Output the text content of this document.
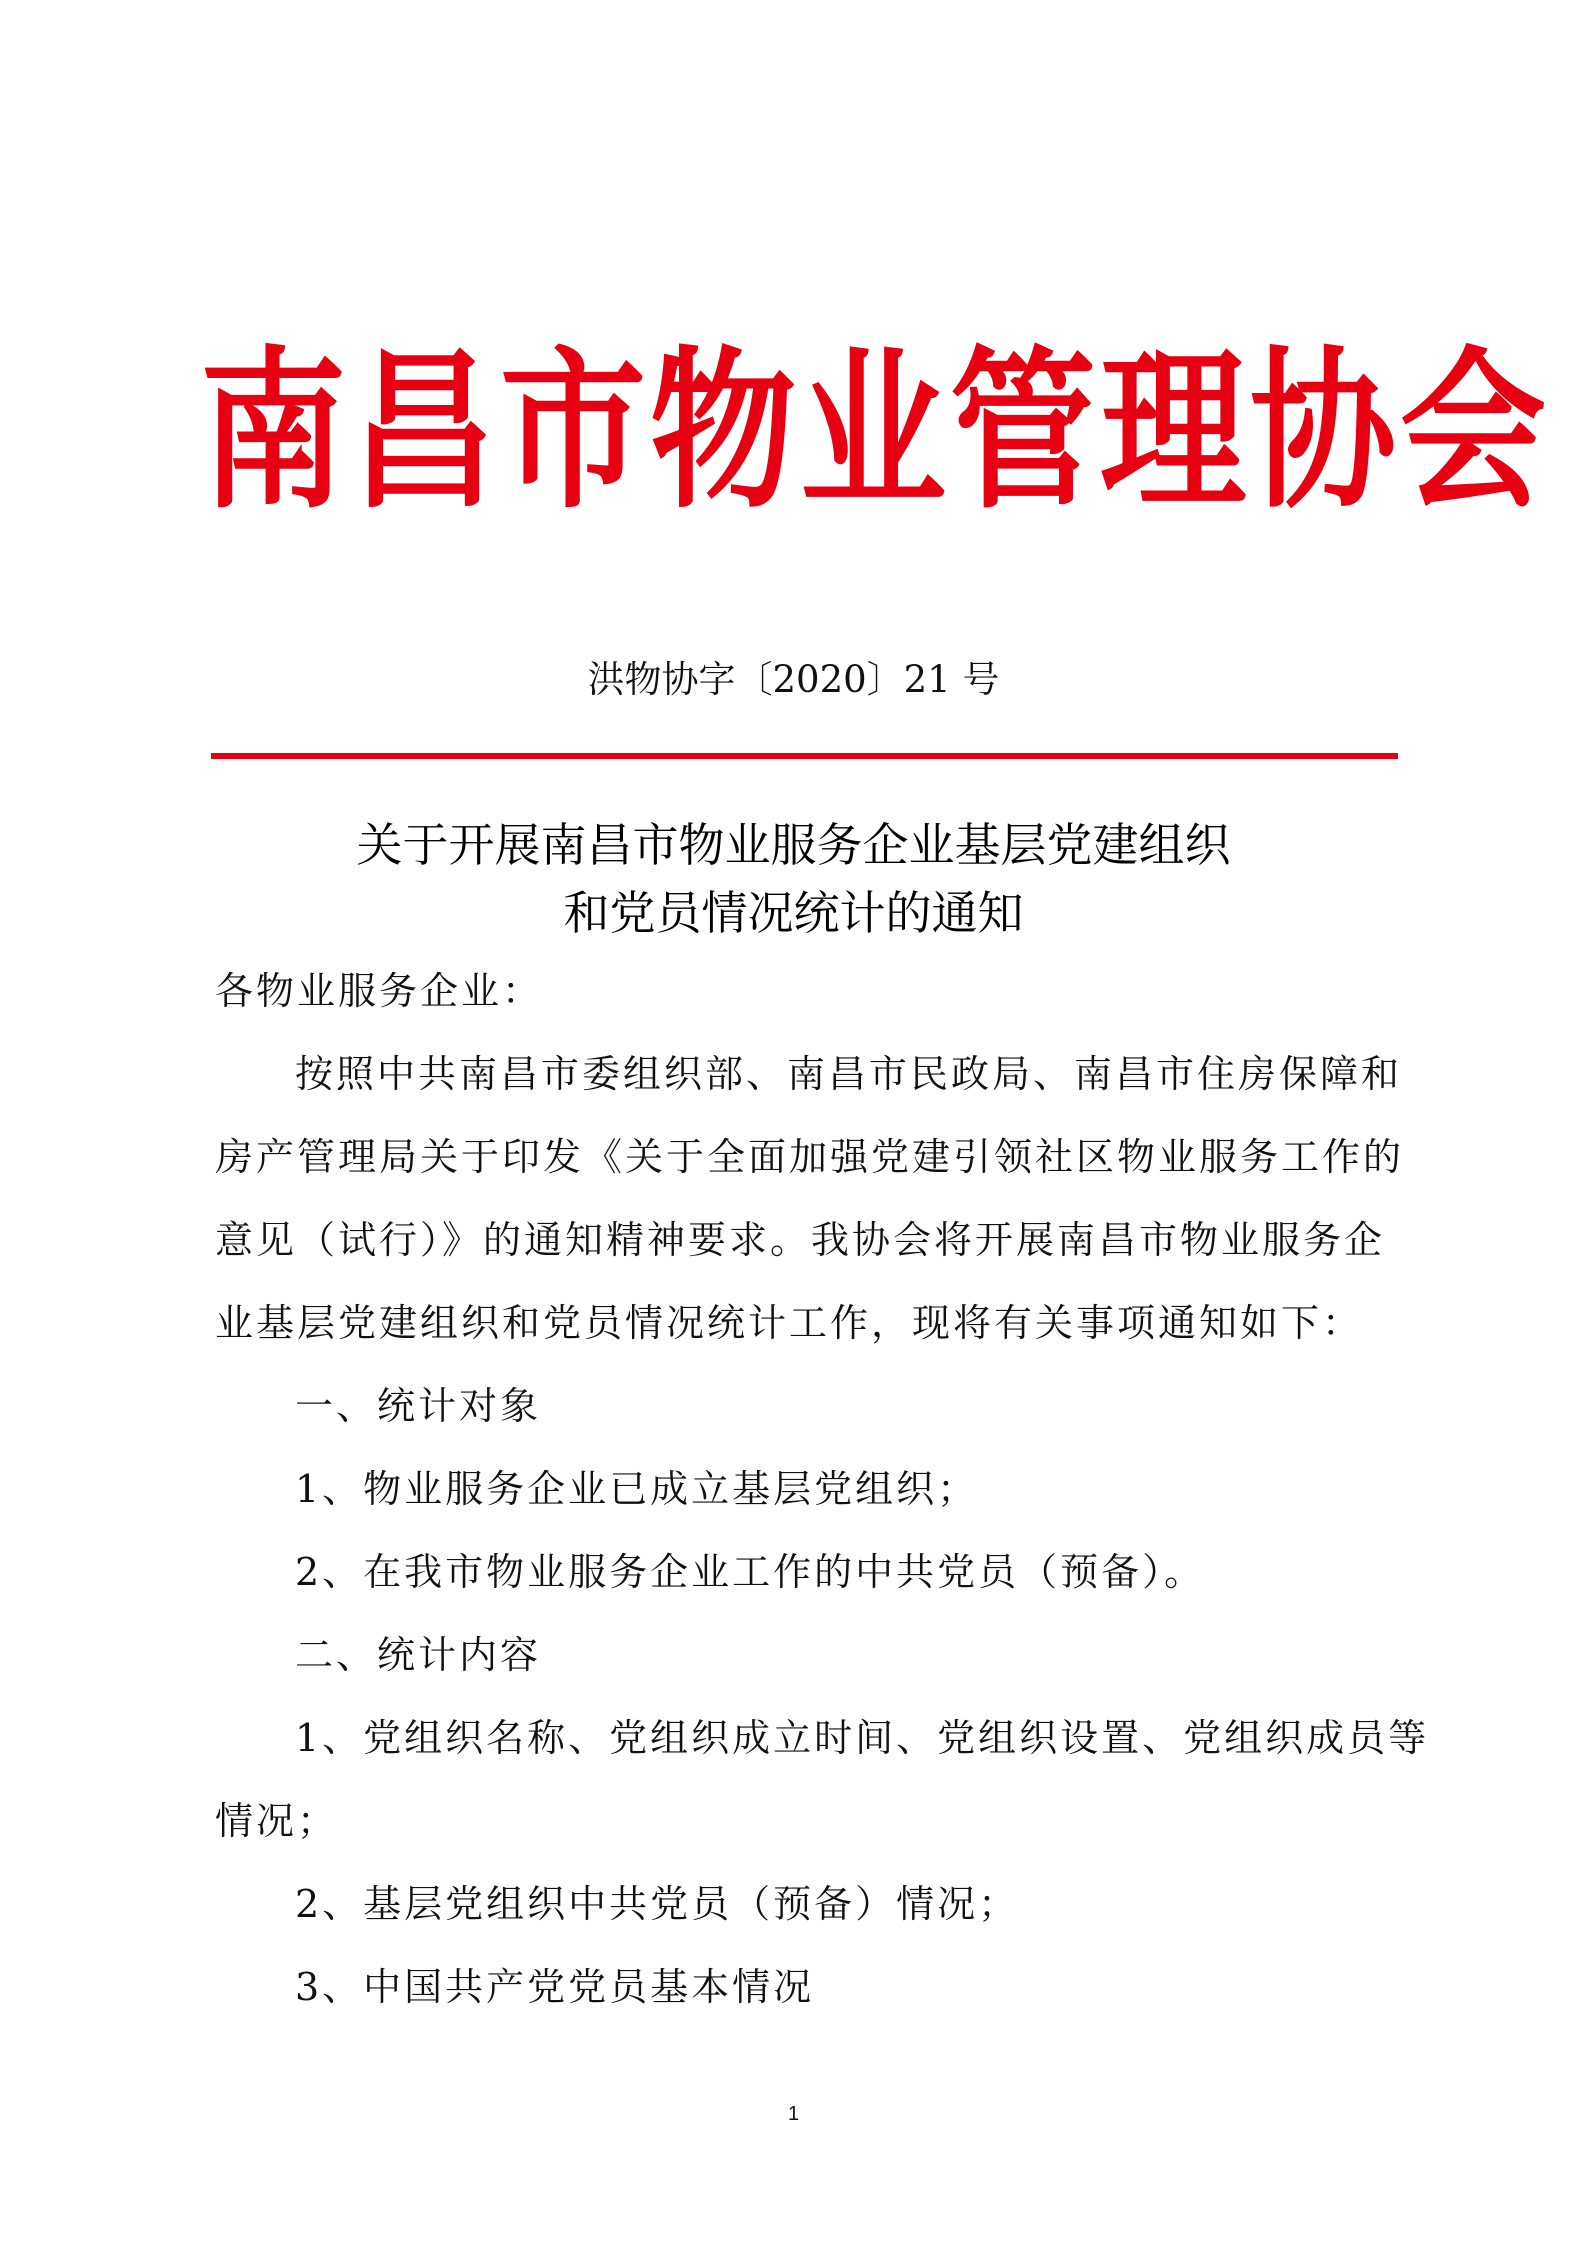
南昌市物业管理协会
洪物协字〔2020〕21 号
关于开展南昌市物业服务企业基层党建组织
和党员情况统计的通知
各物业服务企业：
按照中共南昌市委组织部、南昌市民政局、南昌市住房保障和
房产管理局关于印发《关于全面加强党建引领社区物业服务工作的
意见（试行）》的通知精神要求。我协会将开展南昌市物业服务企
业基层党建组织和党员情况统计工作，现将有关事项通知如下：
一、统计对象
1、物业服务企业已成立基层党组织；
2、在我市物业服务企业工作的中共党员（预备）。
二、统计内容
1、党组织名称、党组织成立时间、党组织设置、党组织成员等
情况；
2、基层党组织中共党员（预备）情况；
3、中国共产党党员基本情况
1
